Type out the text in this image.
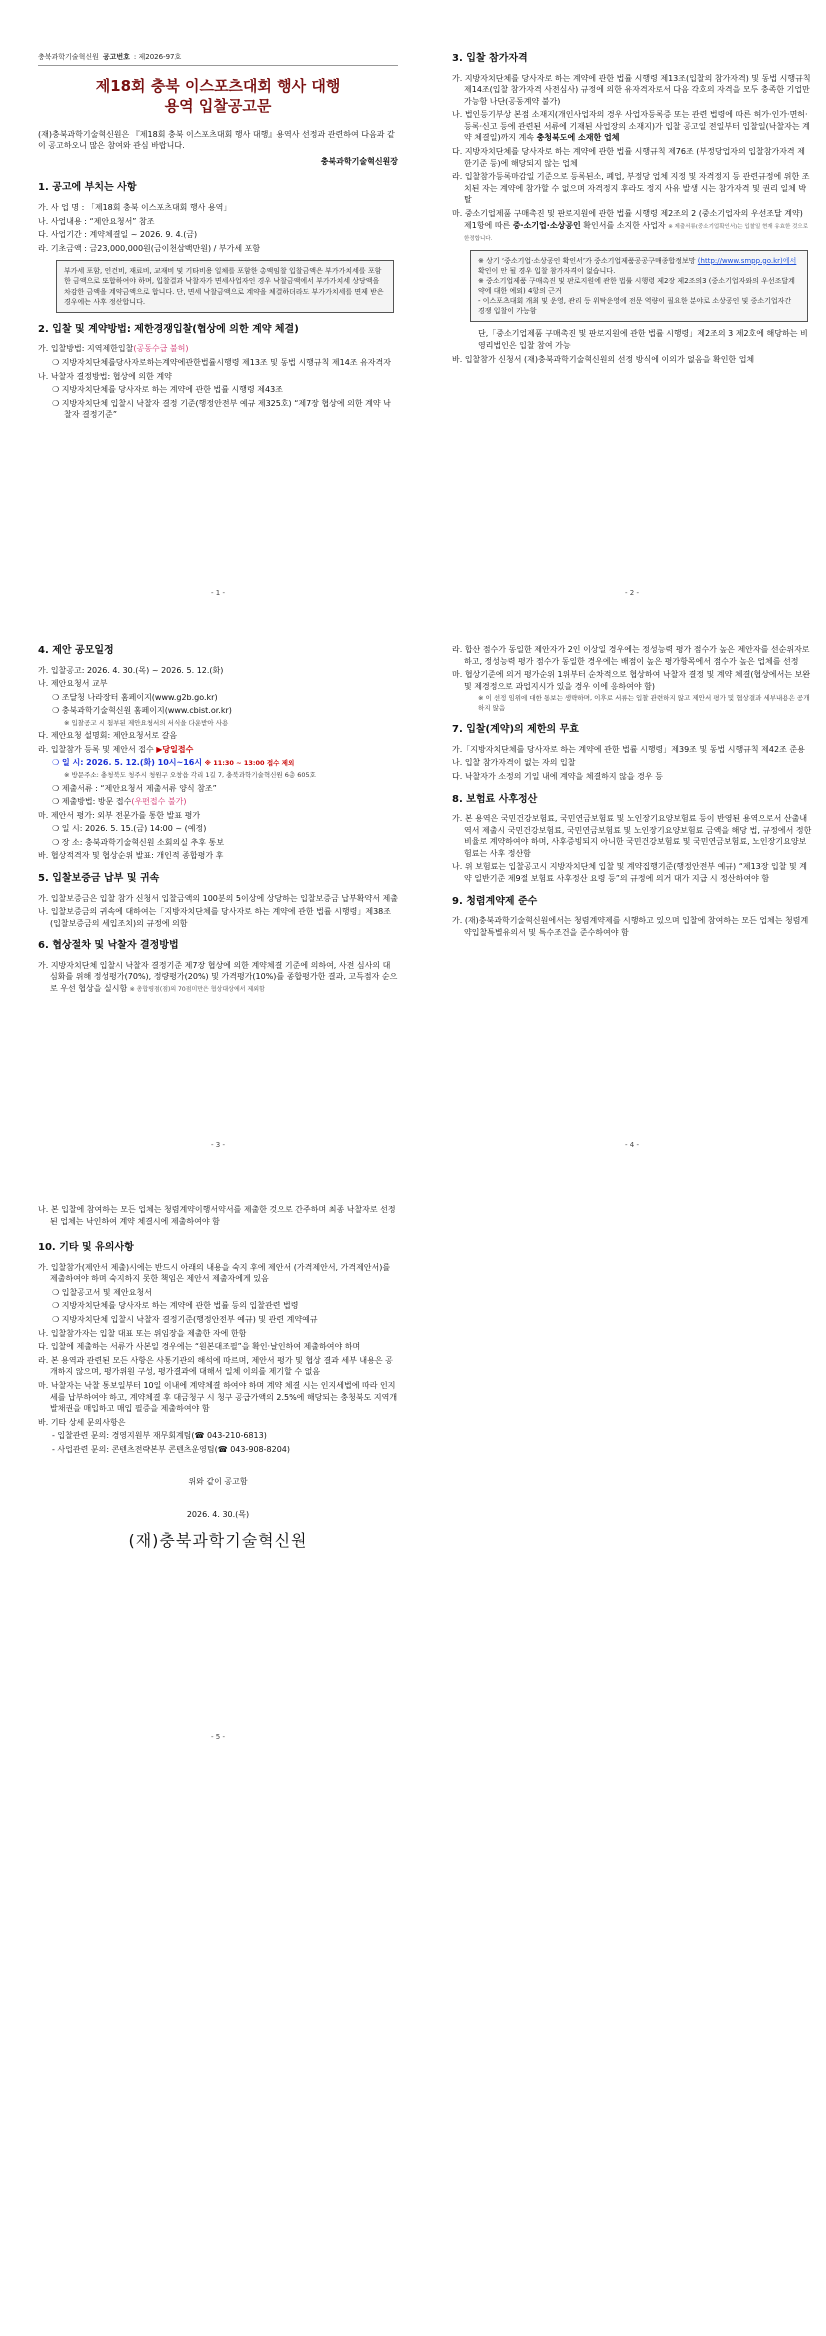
충북과학기술혁신원 공고번호 : 제2026-97호
제18회 충북 이스포츠대회 행사 대행
용역 입찰공고문
(재)충북과학기술혁신원은 『제18회 충북 이스포츠대회 행사 대행』용역사 선정과 관련하여 다음과 같이 공고하오니 많은 참여와 관심 바랍니다.
충북과학기술혁신원장
1. 공고에 부치는 사항
가. 사 업 명 : 「제18회 충북 이스포츠대회 행사 용역」
나. 사업내용 : “제안요청서” 참조
다. 사업기간 : 계약체결일 ~ 2026. 9. 4.(금)
라. 기초금액 : 금23,000,000원(금이천삼백만원) / 부가세 포함
부가세 포함, 인건비, 재료비, 교재비 및 기타비용 일체를 포함한 총액임찰 입찰금액은 부가가치세를 포함한 금액으로 또합하여야 하며, 입찰결과 낙찰자가 면세사업자인 경우 낙찰금액에서 부가가치세 상당액을 차감한 금액을 계약금액으로 합니다. 단, 면세 낙찰금액으로 계약을 체결하더라도 부가가치세를 면제 받은 경우에는 사후 정산합니다.
2. 입찰 및 계약방법: 제한경쟁입찰(협상에 의한 계약 체결)
가. 입찰방법: 지역제한입찰(공동수급 불허)
❍ 지방자치단체를당사자로하는계약에관한법률시행령 제13조 및 동법 시행규칙 제14조 유자격자
나. 낙찰자 결정방법: 협상에 의한 계약
❍ 지방자치단체를 당사자로 하는 계약에 관한 법률 시행령 제43조
❍ 지방자치단체 입찰시 낙찰자 결정 기준(행정안전부 예규 제325호) “제7장 협상에 의한 계약 낙찰자 결정기준”
- 1 -
3. 입찰 참가자격
가. 지방자치단체를 당사자로 하는 계약에 관한 법률 시행령 제13조(입찰의 참가자격) 및 동법 시행규칙 제14조(입찰 참가자격 사전심사) 규정에 의한 유자격자로서 다음 각호의 자격을 모두 충족한 기업만 가능함 나단(공동계약 불가)
나. 법인등기부상 본점 소재지(개인사업자의 경우 사업자등록증 또는 관련 법령에 따른 허가·인가·면허·등록·신고 등에 관련된 서류에 기재된 사업장의 소재지)가 입찰 공고일 전일부터 입찰일(낙찰자는 계약 체결일)까지 계속 충청북도에 소재한 업체
다. 지방자치단체를 당사자로 하는 계약에 관한 법률 시행규칙 제76조 (부정당업자의 입찰참가자격 제한기준 등)에 해당되지 않는 업체
라. 입찰참가등록마감일 기준으로 등록된소, 폐업, 부정당 업체 지정 및 자격정지 등 관련규정에 위한 조치된 자는 계약에 참가할 수 없으며 자격정지 후라도 정지 사유 발생 시는 참가자격 및 권리 일체 박탈
마. 중소기업제품 구매촉진 및 판로지원에 관한 법률 시행령 제2조의 2 (중소기업자의 우선조달 계약) 제1항에 따른 중·소기업·소상공인 확인서를 소지한 사업자 ※ 제출서류(중소기업확인서)는 입찰일 현재 유효한 것으로 한정합니다.
※ 상기 ‘중소기업·소상공인 확인서’가 중소기업제품공공구매종합정보망 (http://www.smpp.go.kr)에서 확인이 안 될 경우 입찰 참가자격이 없습니다.
※ 중소기업제품 구매촉진 및 판로지원에 관한 법률 시행령 제2장 제2조의3 (중소기업자와의 우선조달계약에 대한 예외) 4항의 근거
- 이스포츠대회 개최 및 운영, 관리 등 위탁운영에 전문 역량이 필요한 분야로 소상공인 및 중소기업자간 경쟁 입찰이 가능함
단,「중소기업제품 구매촉진 및 판로지원에 관한 법률 시행령」제2조의 3 제2호에 해당하는 비영리법인은 입찰 참여 가능
바. 입찰참가 신청서 (재)충북과학기술혁신원의 선정 방식에 이의가 없음을 확인한 업체
- 2 -
4. 제안 공모일정
가. 입찰공고: 2026. 4. 30.(목) ~ 2026. 5. 12.(화)
나. 제안요청서 교부
❍ 조달청 나라장터 홈페이지(www.g2b.go.kr)
❍ 충북과학기술혁신원 홈페이지(www.cbist.or.kr)
※ 입찰공고 시 첨부된 제안요청서의 서식을 다운받아 사용
다. 제안요청 설명회: 제안요청서로 갈음
라. 입찰참가 등록 및 제안서 접수 ▶당일접수
❍ 일 시: 2026. 5. 12.(화) 10시~16시 ※ 11:30 ~ 13:00 접수 제외
※ 방문주소: 충청북도 청주시 청원구 오창읍 각리 1길 7, 충북과학기술혁신원 6층 605호
❍ 제출서류 : “제안요청서 제출서류 양식 참조”
❍ 제출방법: 방문 접수(우편접수 불가)
마. 제안서 평가: 외부 전문가를 통한 발표 평가
❍ 일 시: 2026. 5. 15.(금) 14:00 ~ (예정)
❍ 장 소: 충북과학기술혁신원 소회의실 추후 통보
바. 협상적격자 및 협상순위 발표: 개인적 종합평가 후
5. 입찰보증금 납부 및 귀속
가. 입찰보증금은 입찰 참가 신청서 입찰금액의 100분의 5이상에 상당하는 입찰보증금 납부확약서 제출
나. 입찰보증금의 귀속에 대하여는「지방자치단체를 당사자로 하는 계약에 관한 법률 시행령」제38조(입찰보증금의 세입조치)의 규정에 의함
6. 협상절차 및 낙찰자 결정방법
가. 지방자치단체 입찰시 낙찰자 결정기준 제7장 협상에 의한 계약체결 기준에 의하여, 사전 심사의 대 심화를 위해 정성평가(70%), 정량평가(20%) 및 가격평가(10%)를 종합평가한 결과, 고득점자 순으로 우선 협상을 실시함 ※ 총합평점(점)의 70점미만은 협상대상에서 제외함
- 3 -
라. 합산 점수가 동일한 제안자가 2인 이상일 경우에는 정성능력 평가 점수가 높은 제안자를 선순위자로 하고, 정성능력 평가 점수가 동일한 경우에는 배점이 높은 평가항목에서 점수가 높은 업체를 선정
마. 협상기준에 의거 평가순위 1위부터 순차적으로 협상하여 낙찰자 결정 및 계약 체결(협상에서는 보완 및 제경정으로 과업지시가 있을 경우 이에 응하여야 함)
※ 이 선정 임위에 대한 통보는 생략하며, 이후로 서류는 입찰 관련하지 않고 제안서 평가 및 협상결과 세부내용은 공개하지 않음
7. 입찰(계약)의 제한의 무효
가.「지방자치단체를 당사자로 하는 계약에 관한 법률 시행령」제39조 및 동법 시행규칙 제42조 준용
나. 입찰 참가자격이 없는 자의 입찰
다. 낙찰자가 소정의 기일 내에 계약을 체결하지 않을 경우 등
8. 보험료 사후정산
가. 본 용역은 국민건강보험료, 국민연금보험료 및 노인장기요양보험료 등이 반영된 용역으로서 산출내역서 제출시 국민건강보험료, 국민연금보험료 및 노인장기요양보험료 금액을 해당 법, 규정에서 정한 비율로 계약하여야 하며, 사후증빙되지 아니한 국민건강보험료 및 국민연금보험료, 노인장기요양보험료는 사후 정산함
나. 위 보험료는 입찰공고시 지방자치단체 입찰 및 계약집행기준(행정안전부 예규) “제13장 입찰 및 계약 일반기준 제9절 보험료 사후정산 요령 등”의 규정에 의거 대가 지급 시 정산하여야 함
9. 청렴계약제 준수
가. (재)충북과학기술혁신원에서는 청렴계약제를 시행하고 있으며 입찰에 참여하는 모든 업체는 청렴계약입찰특별유의서 및 특수조건을 준수하여야 함
- 4 -
나. 본 입찰에 참여하는 모든 업체는 청렴계약이행서약서를 제출한 것으로 간주하며 최종 낙찰자로 선정된 업체는 낙인하여 계약 체결시에 제출하여야 함
10. 기타 및 유의사항
가. 입찰참가(제안서 제출)시에는 반드시 아래의 내용을 숙지 후에 제안서 (가격제안서, 가격제안서)를 제출하여야 하며 숙지하지 못한 책임은 제안서 제출자에게 있음
❍ 입찰공고서 및 제안요청서
❍ 지방자치단체를 당사자로 하는 계약에 관한 법률 등의 입찰관련 법령
❍ 지방자치단체 입찰시 낙찰자 결정기준(행정안전부 예규) 및 관련 계약예규
나. 입찰참가자는 입찰 대표 또는 위임장을 제출한 자에 한함
다. 입찰에 제출하는 서류가 사본일 경우에는 “원본대조필”을 확인·날인하여 제출하여야 하며
라. 본 용역과 관련된 모든 사항은 사통기관의 해석에 따르며, 제안서 평가 및 협상 결과 세부 내용은 공개하지 않으며, 평가위원 구성, 평가결과에 대해서 일체 이의를 제기할 수 없음
마. 낙찰자는 낙찰 통보일부터 10일 이내에 계약체결 하여야 하며 계약 체결 시는 인지세법에 따라 인지세를 납부하여야 하고, 계약체결 후 대금청구 시 청구 공급가액의 2.5%에 해당되는 충청북도 지역개발채권을 매입하고 매입 필증을 제출하여야 함
바. 기타 상세 문의사항은
- 입찰관련 문의: 경영지원부 재무회계팀(☎ 043-210-6813)
- 사업관련 문의: 콘텐츠전략본부 콘텐츠운영팀(☎ 043-908-8204)
위와 같이 공고함
2026. 4. 30.(목)
(재)충북과학기술혁신원
- 5 -
